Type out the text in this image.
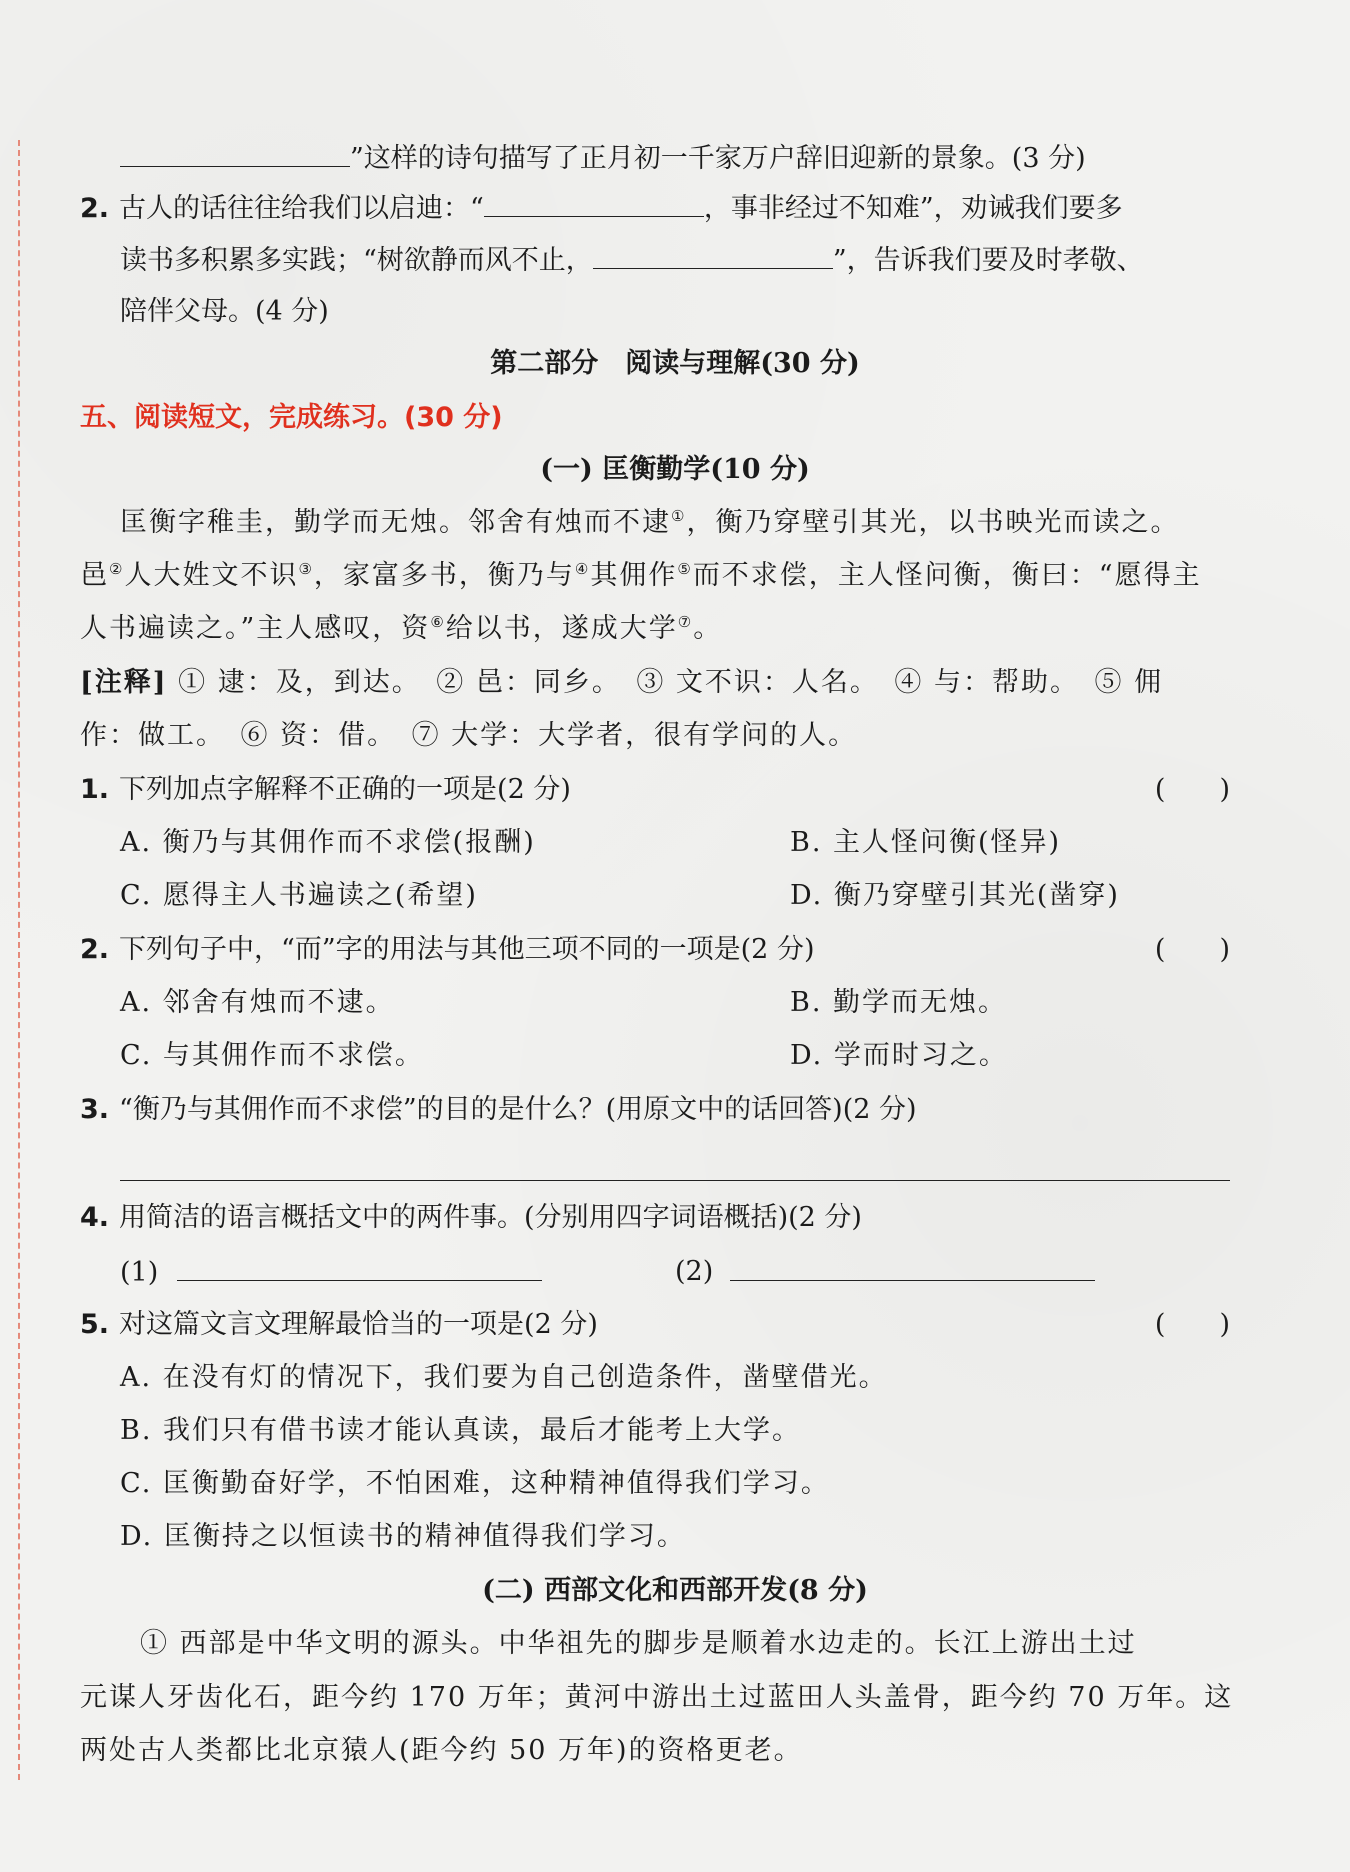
”这样的诗句描写了正月初一千家万户辞旧迎新的景象。(3 分)
2. 古人的话往往给我们以启迪：“	，事非经过不知难”，劝诫我们要多
读书多积累多实践；“树欲静而风不止，	”，告诉我们要及时孝敬、
陪伴父母。(4 分)
第二部分　阅读与理解(30 分)
五、阅读短文，完成练习。(30 分)
(一) 匡衡勤学(10 分)
匡衡字稚圭，勤学而无烛。邻舍有烛而不逮①，衡乃穿壁引其光，以书映光而读之。
邑②人大姓文不识③，家富多书，衡乃与④其佣作⑤而不求偿，主人怪问衡，衡曰：“愿得主
人书遍读之。”主人感叹，资⑥给以书，遂成大学⑦。
[注释] ① 逮：及，到达。　② 邑：同乡。　③ 文不识：人名。　④ 与：帮助。　⑤ 佣
作：做工。　⑥ 资：借。　⑦ 大学：大学者，很有学问的人。
1. 下列加点字解释不正确的一项是(2 分)	(　　)
A. 衡乃与其佣作而不求偿(报酬)	B. 主人怪问衡(怪异)
C. 愿得主人书遍读之(希望)	D. 衡乃穿壁引其光(凿穿)
2. 下列句子中，“而”字的用法与其他三项不同的一项是(2 分)	(　　)
A. 邻舍有烛而不逮。	B. 勤学而无烛。
C. 与其佣作而不求偿。	D. 学而时习之。
3. “衡乃与其佣作而不求偿”的目的是什么？(用原文中的话回答)(2 分)
4. 用简洁的语言概括文中的两件事。(分别用四字词语概括)(2 分)
(1)	(2)
5. 对这篇文言文理解最恰当的一项是(2 分)	(　　)
A. 在没有灯的情况下，我们要为自己创造条件，凿壁借光。
B. 我们只有借书读才能认真读，最后才能考上大学。
C. 匡衡勤奋好学，不怕困难，这种精神值得我们学习。
D. 匡衡持之以恒读书的精神值得我们学习。
(二) 西部文化和西部开发(8 分)
① 西部是中华文明的源头。中华祖先的脚步是顺着水边走的。长江上游出土过
元谋人牙齿化石，距今约 170 万年；黄河中游出土过蓝田人头盖骨，距今约 70 万年。这
两处古人类都比北京猿人(距今约 50 万年)的资格更老。
